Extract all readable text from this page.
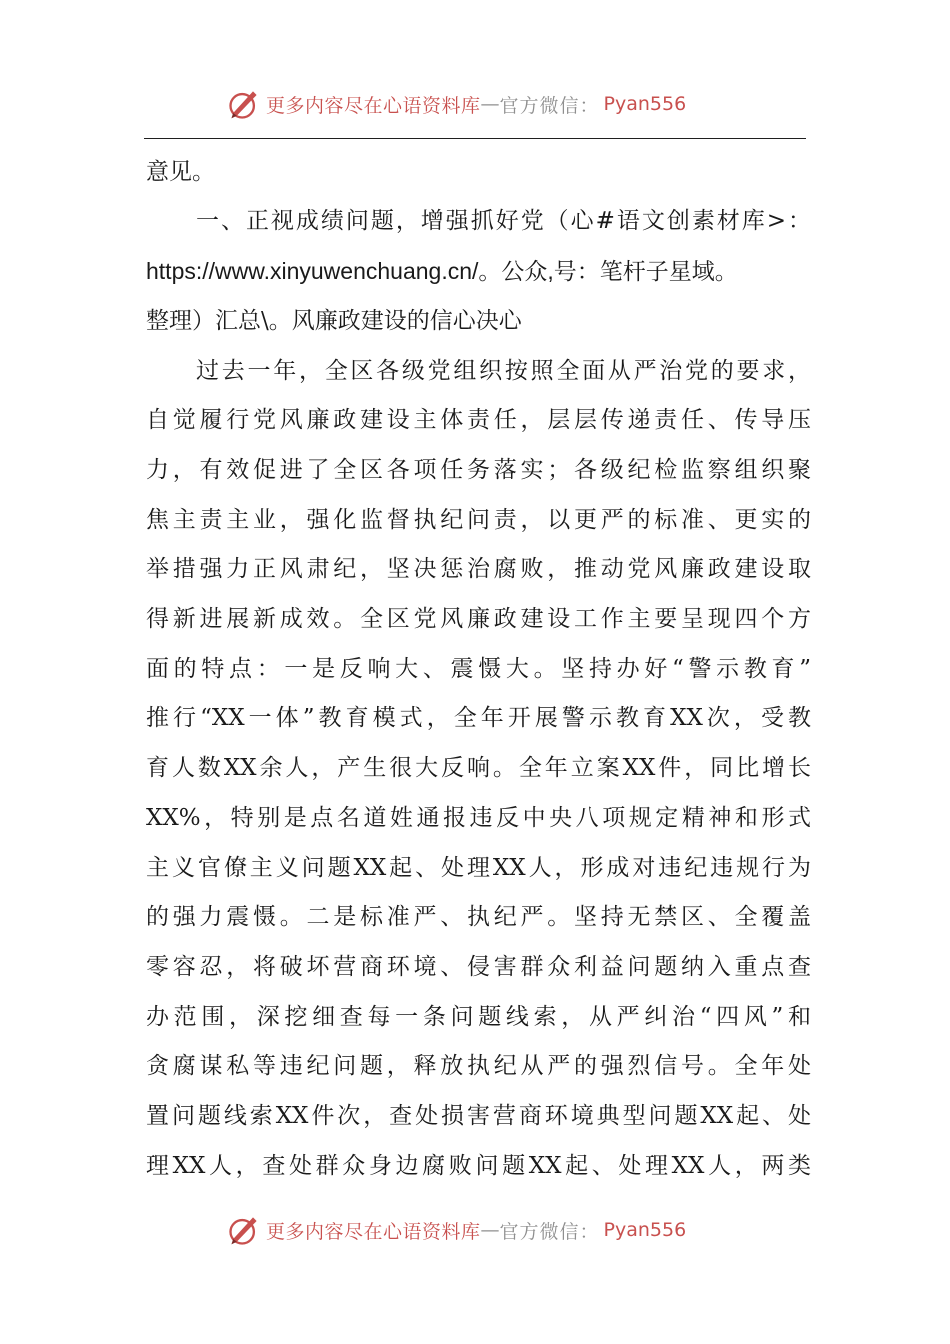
更多内容尽在心语资料库 — 官方微信： Pyan556
意见。
一、正视成绩问题，增强抓好党（心#语文创素材库>：
https://www.xinyuwenchuang.cn/。公众,号：笔杆子星域。
整理）汇总\。风廉政建设的信心决心
过去一年，全区各级党组织按照全面从严治党的要求，
自觉履行党风廉政建设主体责任，层层传递责任、传导压
力，有效促进了全区各项任务落实；各级纪检监察组织聚
焦主责主业，强化监督执纪问责，以更严的标准、更实的
举措强力正风肃纪，坚决惩治腐败，推动党风廉政建设取
得新进展新成效。全区党风廉政建设工作主要呈现四个方
面的特点：一是反响大、震慑大。坚持办好“警示教育”
推行“XX一体”教育模式，全年开展警示教育XX次，受教
育人数XX余人，产生很大反响。全年立案XX件，同比增长
XX%，特别是点名道姓通报违反中央八项规定精神和形式
主义官僚主义问题XX起、处理XX人，形成对违纪违规行为
的强力震慑。二是标准严、执纪严。坚持无禁区、全覆盖
零容忍，将破坏营商环境、侵害群众利益问题纳入重点查
办范围，深挖细查每一条问题线索，从严纠治“四风”和
贪腐谋私等违纪问题，释放执纪从严的强烈信号。全年处
置问题线索XX件次，查处损害营商环境典型问题XX起、处
理XX人，查处群众身边腐败问题XX起、处理XX人，两类
更多内容尽在心语资料库 — 官方微信： Pyan556
